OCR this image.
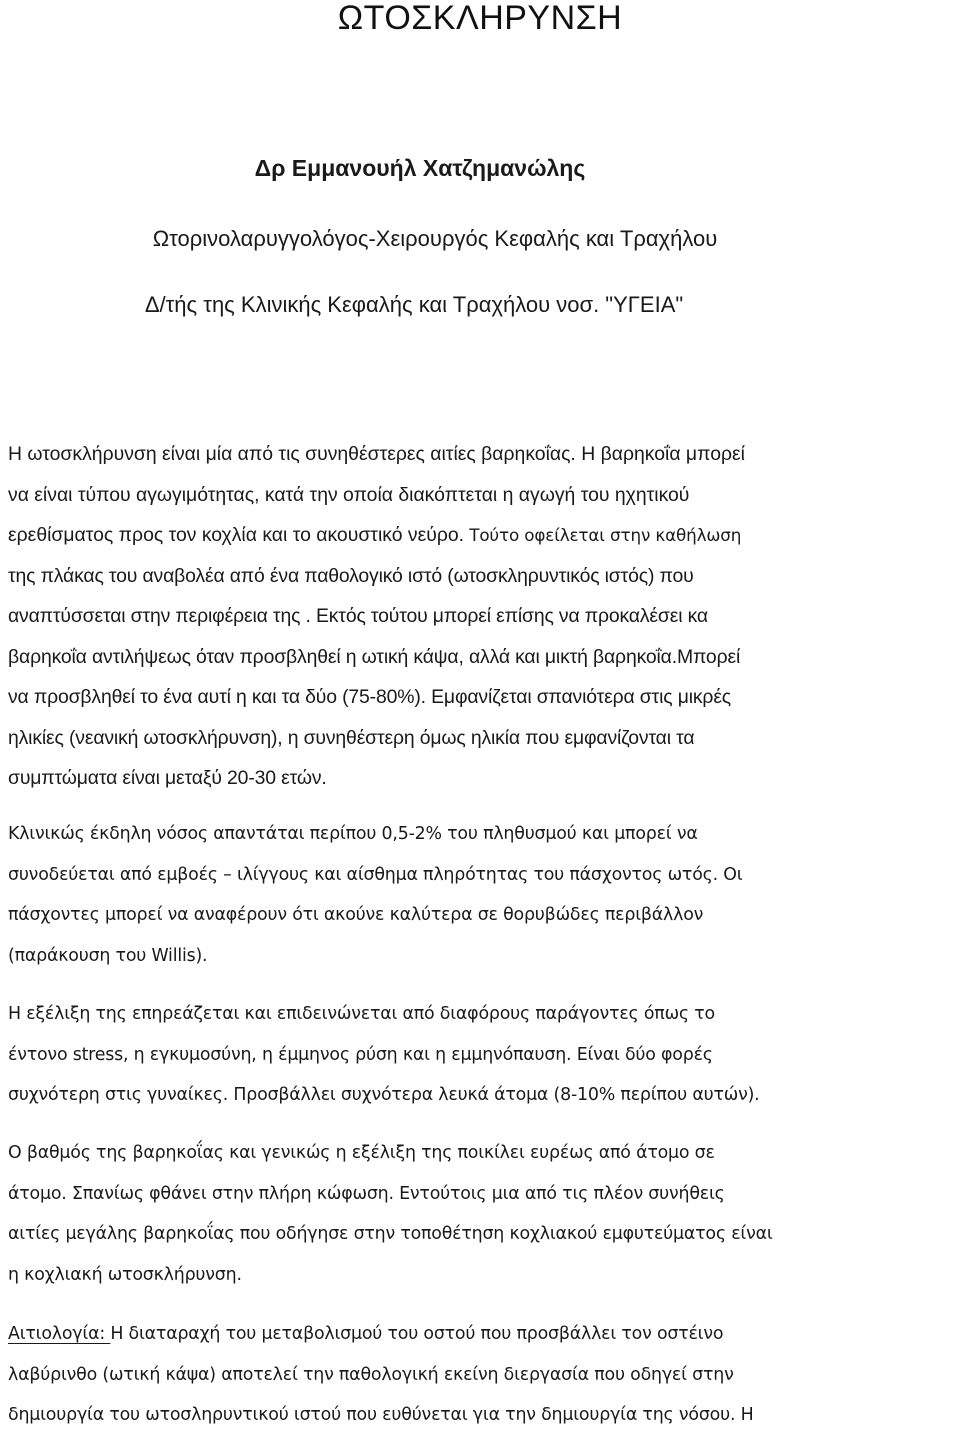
ΩΤΟΣΚΛΗΡΥΝΣΗ

Δρ Εμμανουήλ Χατζημανώλης

Ωτορινολαρυγγολόγος-Χειρουργός Κεφαλής και Τραχήλου

Δ/τής της Κλινικής Κεφαλής και Τραχήλου νοσ. "ΥΓΕΙΑ"

Η ωτοσκλήρυνση είναι μία από τις συνηθέστερες αιτίες βαρηκοΐας. Η βαρηκοΐα μπορεί
να είναι τύπου αγωγιμότητας, κατά την οποία διακόπτεται η αγωγή του ηχητικού
ερεθίσματος προς τον κοχλία και το ακουστικό νεύρο. Τούτο οφείλεται στην καθήλωση
της πλάκας του αναβολέα από ένα παθολογικό ιστό (ωτοσκληρυντικός ιστός) που
αναπτύσσεται στην περιφέρεια της . Εκτός τούτου μπορεί επίσης να προκαλέσει κα
βαρηκοΐα αντιλήψεως όταν προσβληθεί η ωτική κάψα, αλλά και μικτή βαρηκοΐα.Μπορεί
να προσβληθεί το ένα αυτί η και τα δύο (75-80%). Εμφανίζεται σπανιότερα στις μικρές
ηλικίες (νεανική ωτοσκλήρυνση), η συνηθέστερη όμως ηλικία που εμφανίζονται τα
συμπτώματα είναι μεταξύ 20-30 ετών.
Κλινικώς έκδηλη νόσος απαντάται περίπου 0,5-2% του πληθυσμού και μπορεί να
συνοδεύεται από εμβοές – ιλίγγους και αίσθημα πληρότητας του πάσχοντος ωτός. Οι
πάσχοντες μπορεί να αναφέρουν ότι ακούνε καλύτερα σε θορυβώδες περιβάλλον
(παράκουση του Willis).
Η εξέλιξη της επηρεάζεται και επιδεινώνεται από διαφόρους παράγοντες όπως το
έντονο stress, η εγκυμοσύνη, η έμμηνος ρύση και η εμμηνόπαυση. Είναι δύο φορές
συχνότερη στις γυναίκες. Προσβάλλει συχνότερα λευκά άτομα (8-10% περίπου αυτών).
Ο βαθμός της βαρηκοΐας και γενικώς η εξέλιξη της ποικίλει ευρέως από άτομο σε
άτομο. Σπανίως φθάνει στην πλήρη κώφωση. Εντούτοις μια από τις πλέον συνήθεις
αιτίες μεγάλης βαρηκοΐας που οδήγησε στην τοποθέτηση κοχλιακού εμφυτεύματος είναι
η κοχλιακή ωτοσκλήρυνση.
Αιτιολογία: Η διαταραχή του μεταβολισμού του οστού που προσβάλλει τον οστέινο
λαβύρινθο (ωτική κάψα) αποτελεί την παθολογική εκείνη διεργασία που οδηγεί στην
δημιουργία του ωτοσληρυντικού ιστού που ευθύνεται για την δημιουργία της νόσου. Η
